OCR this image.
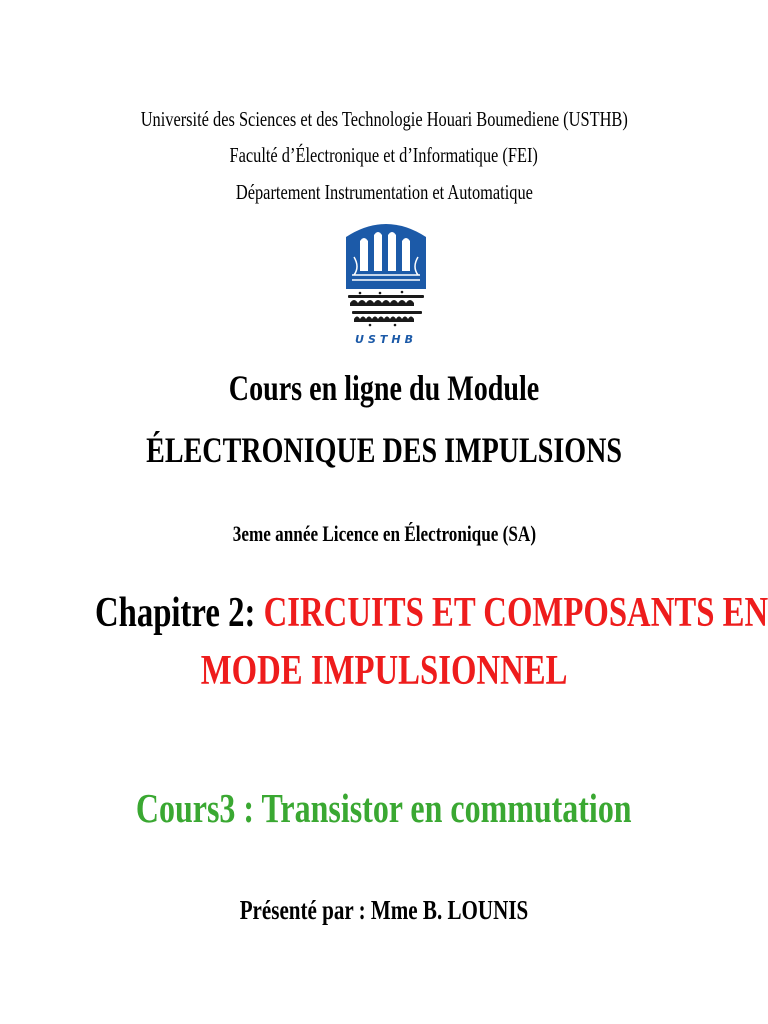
Université des Sciences et des Technologie Houari Boumediene (USTHB)
Faculté d’Électronique et d’Informatique (FEI)
Département Instrumentation et Automatique
USTHB
Cours en ligne du Module
ÉLECTRONIQUE DES IMPULSIONS
3eme année Licence en Électronique (SA)
Chapitre 2: CIRCUITS ET COMPOSANTS EN
MODE IMPULSIONNEL
Cours3 : Transistor en commutation
Présenté par : Mme B. LOUNIS
